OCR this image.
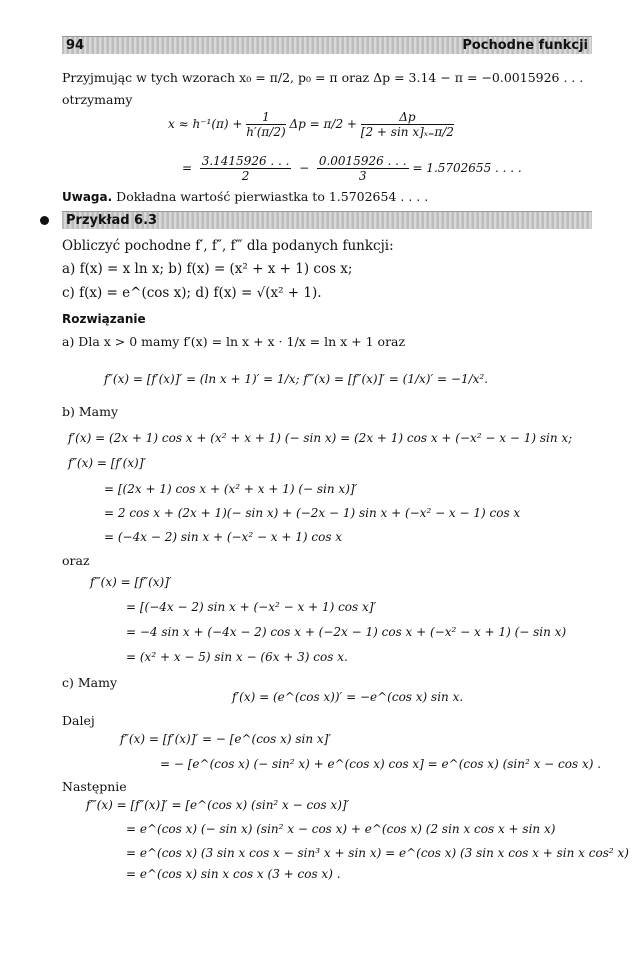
94	Pochodne funkcji
Przyjmując w tych wzorach x₀ = π/2, p₀ = π oraz Δp = 3.14 − π = −0.0015926 . . .
otrzymamy
$x \approx h^{-1}(\pi) + \frac{1}{h'(\pi/2)}$ $\Delta p = \pi/2 + \frac{\Delta p}{\text{[2 + sin x]ₓ₌π/2}}$
= $\frac{3.1415926 . . .}{2} - \frac{0.0015926 . . .}{3} = 1.5702655$ . . . .
Uwaga. Dokładna wartość pierwiastka to 1.5702654 . . . .
Przykład 6.3
Obliczyć pochodne f′, f″, f‴ dla podanych funkcji:
a) f(x) = x ln x; b) f(x) = (x² + x + 1) cos x;
c) f(x) = e^(cos x); d) f(x) = √(x² + 1).
Rozwiązanie
a) Dla x > 0 mamy f′(x) = ln x + x · 1/x = ln x + 1 oraz
f″(x) = [f′(x)]′ = (ln x + 1)′ = 1/x; f‴(x) = [f″(x)]′ = (1/x)′ = −1/x².
b) Mamy
f′(x) = (2x + 1) cos x + (x² + x + 1) (− sin x) = (2x + 1) cos x + (−x² − x − 1) sin x;
f″(x) = [f′(x)]′
= [(2x + 1) cos x + (x² + x + 1) (− sin x)]′
= 2 cos x + (2x + 1)(− sin x) + (−2x − 1) sin x + (−x² − x − 1) cos x
= (−4x − 2) sin x + (−x² − x + 1) cos x
oraz
f‴(x) = [f″(x)]′
= [(−4x − 2) sin x + (−x² − x + 1) cos x]′
= −4 sin x + (−4x − 2) cos x + (−2x − 1) cos x + (−x² − x + 1) (− sin x)
= (x² + x − 5) sin x − (6x + 3) cos x.
c) Mamy
f′(x) = (e^(cos x))′ = −e^(cos x) sin x.
Dalej
f″(x) = [f′(x)]′ = − [e^(cos x) sin x]′
= − [e^(cos x) (− sin² x) + e^(cos x) cos x] = e^(cos x) (sin² x − cos x) .
Następnie
f‴(x) = [f″(x)]′ = [e^(cos x) (sin² x − cos x)]′
= e^(cos x) (− sin x) (sin² x − cos x) + e^(cos x) (2 sin x cos x + sin x)
= e^(cos x) (3 sin x cos x − sin³ x + sin x) = e^(cos x) (3 sin x cos x + sin x cos² x)
= e^(cos x) sin x cos x (3 + cos x) .
